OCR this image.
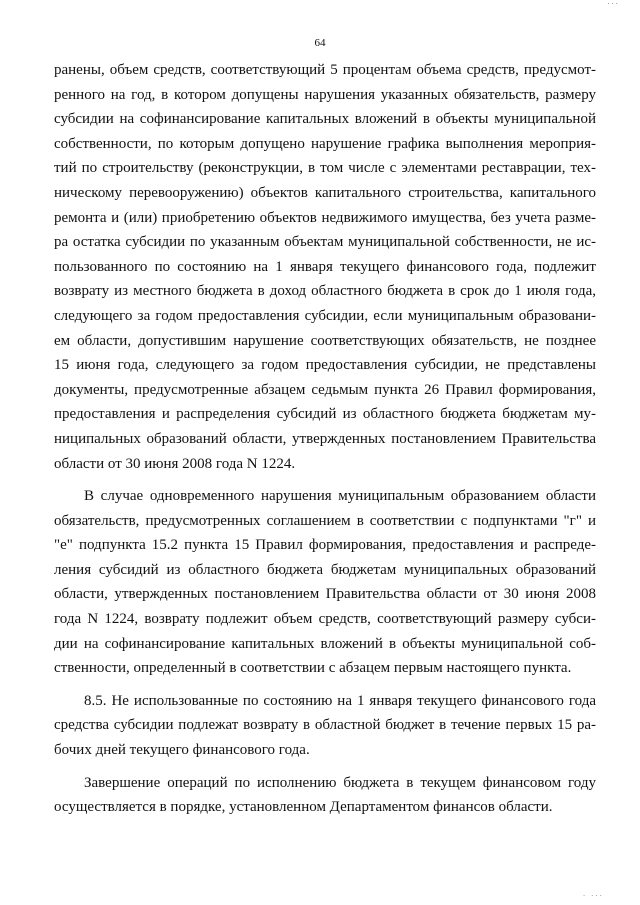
· · ·
64
ранены, объем средств, соответствующий 5 процентам объема средств, предусмот-
ренного на год, в котором допущены нарушения указанных обязательств, размеру
субсидии на софинансирование капитальных вложений в объекты муниципальной
собственности, по которым допущено нарушение графика выполнения мероприя-
тий по строительству (реконструкции, в том числе с элементами реставрации, тех-
ническому перевооружению) объектов капитального строительства, капитального
ремонта и (или) приобретению объектов недвижимого имущества, без учета разме-
ра остатка субсидии по указанным объектам муниципальной собственности, не ис-
пользованного по состоянию на 1 января текущего финансового года, подлежит
возврату из местного бюджета в доход областного бюджета в срок до 1 июля года,
следующего за годом предоставления субсидии, если муниципальным образовани-
ем области, допустившим нарушение соответствующих обязательств, не позднее
15 июня года, следующего за годом предоставления субсидии, не представлены
документы, предусмотренные абзацем седьмым пункта 26 Правил формирования,
предоставления и распределения субсидий из областного бюджета бюджетам му-
ниципальных образований области, утвержденных постановлением Правительства
области от 30 июня 2008 года N 1224.
В случае одновременного нарушения муниципальным образованием области
обязательств, предусмотренных соглашением в соответствии с подпунктами "г" и
"е" подпункта 15.2 пункта 15 Правил формирования, предоставления и распреде-
ления субсидий из областного бюджета бюджетам муниципальных образований
области, утвержденных постановлением Правительства области от 30 июня 2008
года N 1224, возврату подлежит объем средств, соответствующий размеру субси-
дии на софинансирование капитальных вложений в объекты муниципальной соб-
ственности, определенный в соответствии с абзацем первым настоящего пункта.
8.5. Не использованные по состоянию на 1 января текущего финансового года
средства субсидии подлежат возврату в областной бюджет в течение первых 15 ра-
бочих дней текущего финансового года.
Завершение операций по исполнению бюджета в текущем финансовом году
осуществляется в порядке, установленном Департаментом финансов области.
· ···
